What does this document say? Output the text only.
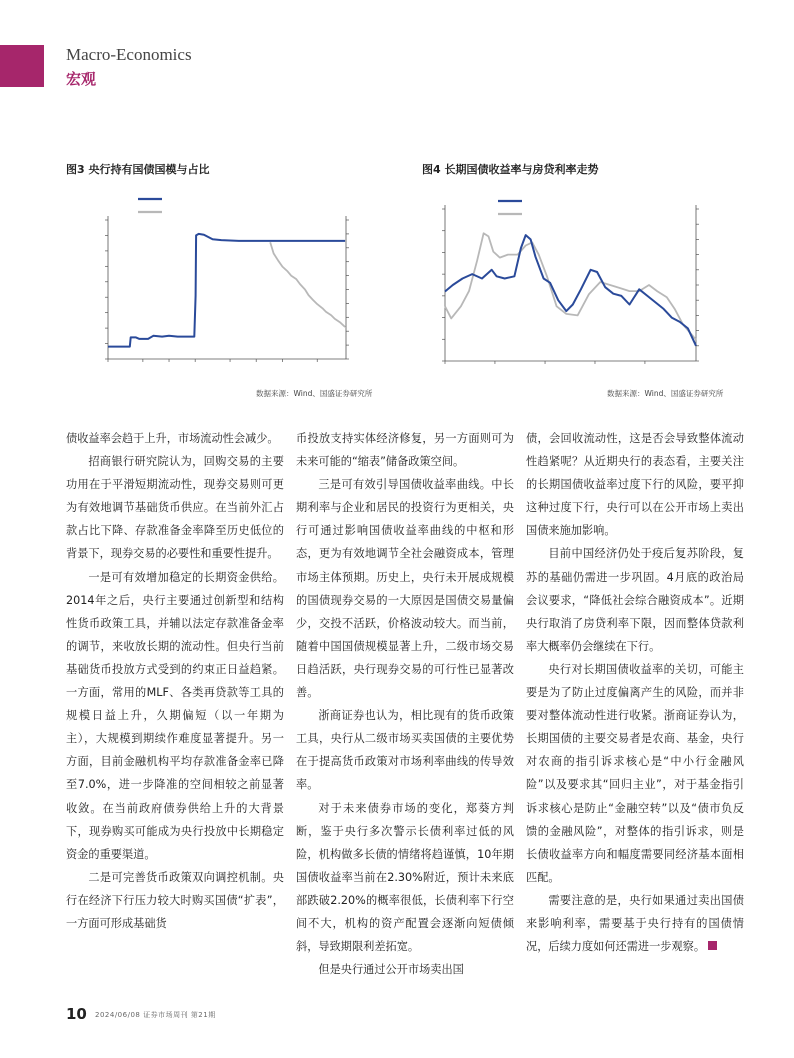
Macro-Economics
宏观
图3 央行持有国债国模与占比
数据来源：Wind、国盛证券研究所
图4 长期国债收益率与房贷利率走势
数据来源：Wind、国盛证券研究所

债收益率会趋于上升，市场流动性会减少。

招商银行研究院认为，回购交易的主要功用在于平滑短期流动性，现券交易则可更为有效地调节基础货币供应。在当前外汇占款占比下降、存款准备金率降至历史低位的背景下，现券交易的必要性和重要性提升。

一是可有效增加稳定的长期资金供给。2014年之后，央行主要通过创新型和结构性货币政策工具，并辅以法定存款准备金率的调节，来收放长期的流动性。但央行当前基础货币投放方式受到的约束正日益趋紧。一方面，常用的MLF、各类再贷款等工具的规模日益上升，久期偏短（以一年期为主），大规模到期续作难度显著提升。另一方面，目前金融机构平均存款准备金率已降至7.0%，进一步降准的空间相较之前显著收敛。在当前政府债券供给上升的大背景下，现券购买可能成为央行投放中长期稳定资金的重要渠道。

二是可完善货币政策双向调控机制。央行在经济下行压力较大时购买国债“扩表”，一方面可形成基础货

币投放支持实体经济修复，另一方面则可为未来可能的“缩表”储备政策空间。

三是可有效引导国债收益率曲线。中长期利率与企业和居民的投资行为更相关，央行可通过影响国债收益率曲线的中枢和形态，更为有效地调节全社会融资成本，管理市场主体预期。历史上，央行未开展成规模的国债现券交易的一大原因是国债交易量偏少，交投不活跃，价格波动较大。而当前，随着中国国债规模显著上升，二级市场交易日趋活跃，央行现券交易的可行性已显著改善。

浙商证券也认为，相比现有的货币政策工具，央行从二级市场买卖国债的主要优势在于提高货币政策对市场利率曲线的传导效率。

对于未来债券市场的变化，郑葵方判断，鉴于央行多次警示长债利率过低的风险，机构做多长债的情绪将趋谨慎，10年期国债收益率当前在2.30%附近，预计未来底部跌破2.20%的概率很低，长债利率下行空间不大，机构的资产配置会逐渐向短债倾斜，导致期限利差拓宽。

但是央行通过公开市场卖出国

债，会回收流动性，这是否会导致整体流动性趋紧呢？从近期央行的表态看，主要关注的长期国债收益率过度下行的风险，要平抑这种过度下行，央行可以在公开市场上卖出国债来施加影响。

目前中国经济仍处于疫后复苏阶段，复苏的基础仍需进一步巩固。4月底的政治局会议要求，“降低社会综合融资成本”。近期央行取消了房贷利率下限，因而整体贷款利率大概率仍会继续在下行。

央行对长期国债收益率的关切，可能主要是为了防止过度偏离产生的风险，而并非要对整体流动性进行收紧。浙商证券认为，长期国债的主要交易者是农商、基金，央行对农商的指引诉求核心是“中小行金融风险”以及要求其“回归主业”，对于基金指引诉求核心是防止“金融空转”以及“债市负反馈的金融风险”，对整体的指引诉求，则是长债收益率方向和幅度需要同经济基本面相匹配。

需要注意的是，央行如果通过卖出国债来影响利率，需要基于央行持有的国债情况，后续力度如何还需进一步观察。

10 2024/06/08 证券市场周刊 第21期
